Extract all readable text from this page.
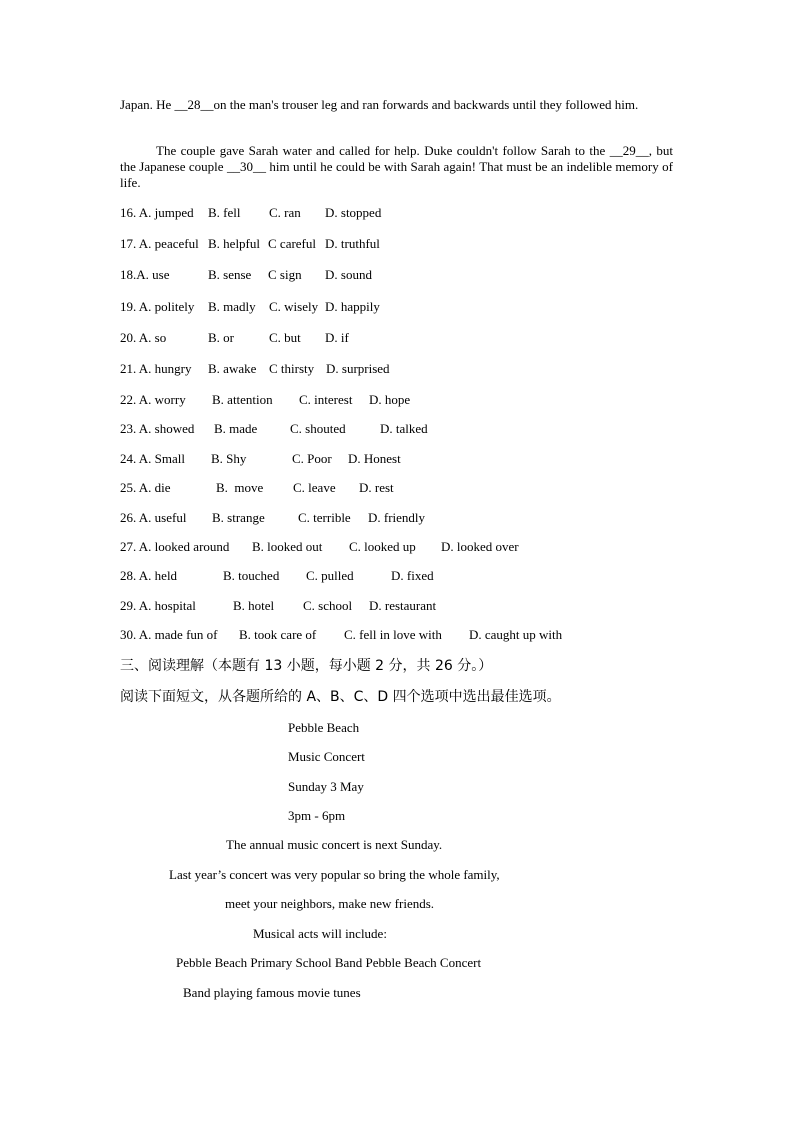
Japan. He __28__on the man's trouser leg and ran forwards and backwards until they followed him.

The couple gave Sarah water and called for help. Duke couldn't follow Sarah to the __29__, but the Japanese couple __30__ him until he could be with Sarah again! That must be an indelible memory of life.

16. A. jumped B. fell C. ran D. stopped
17. A. peaceful B. helpful C careful D. truthful
18.A. use	B. sense C sign D. sound
19. A. politely B. madly C. wisely D. happily
20. A. so	B. or	C. but D. if
21. A. hungry B. awake C thirsty D. surprised
22. A. worry B. attention C. interest D. hope
23. A. showed B. made	C. shouted	D. talked
24. A. Small B. Shy	C. Poor D. Honest
25. A. die	B.  move C. leave D. rest
26. A. useful B. strange	C. terrible D. friendly
27. A. looked around B. looked out C. looked up D. looked over
28. A. held	B. touched C. pulled	D. fixed
29. A. hospital	B. hotel C. school D. restaurant
30. A. made fun of B. took care of C. fell in love with D. caught up with
三、阅读理解（本题有 13 小题，每小题 2 分，共 26 分。）
阅读下面短文，从各题所给的 A、B、C、D 四个选项中选出最佳选项。
Pebble Beach
Music Concert
Sunday 3 May
3pm - 6pm
The annual music concert is next Sunday.
Last year’s concert was very popular so bring the whole family,
meet your neighbors, make new friends.
Musical acts will include:
Pebble Beach Primary School Band Pebble Beach Concert
Band playing famous movie tunes
